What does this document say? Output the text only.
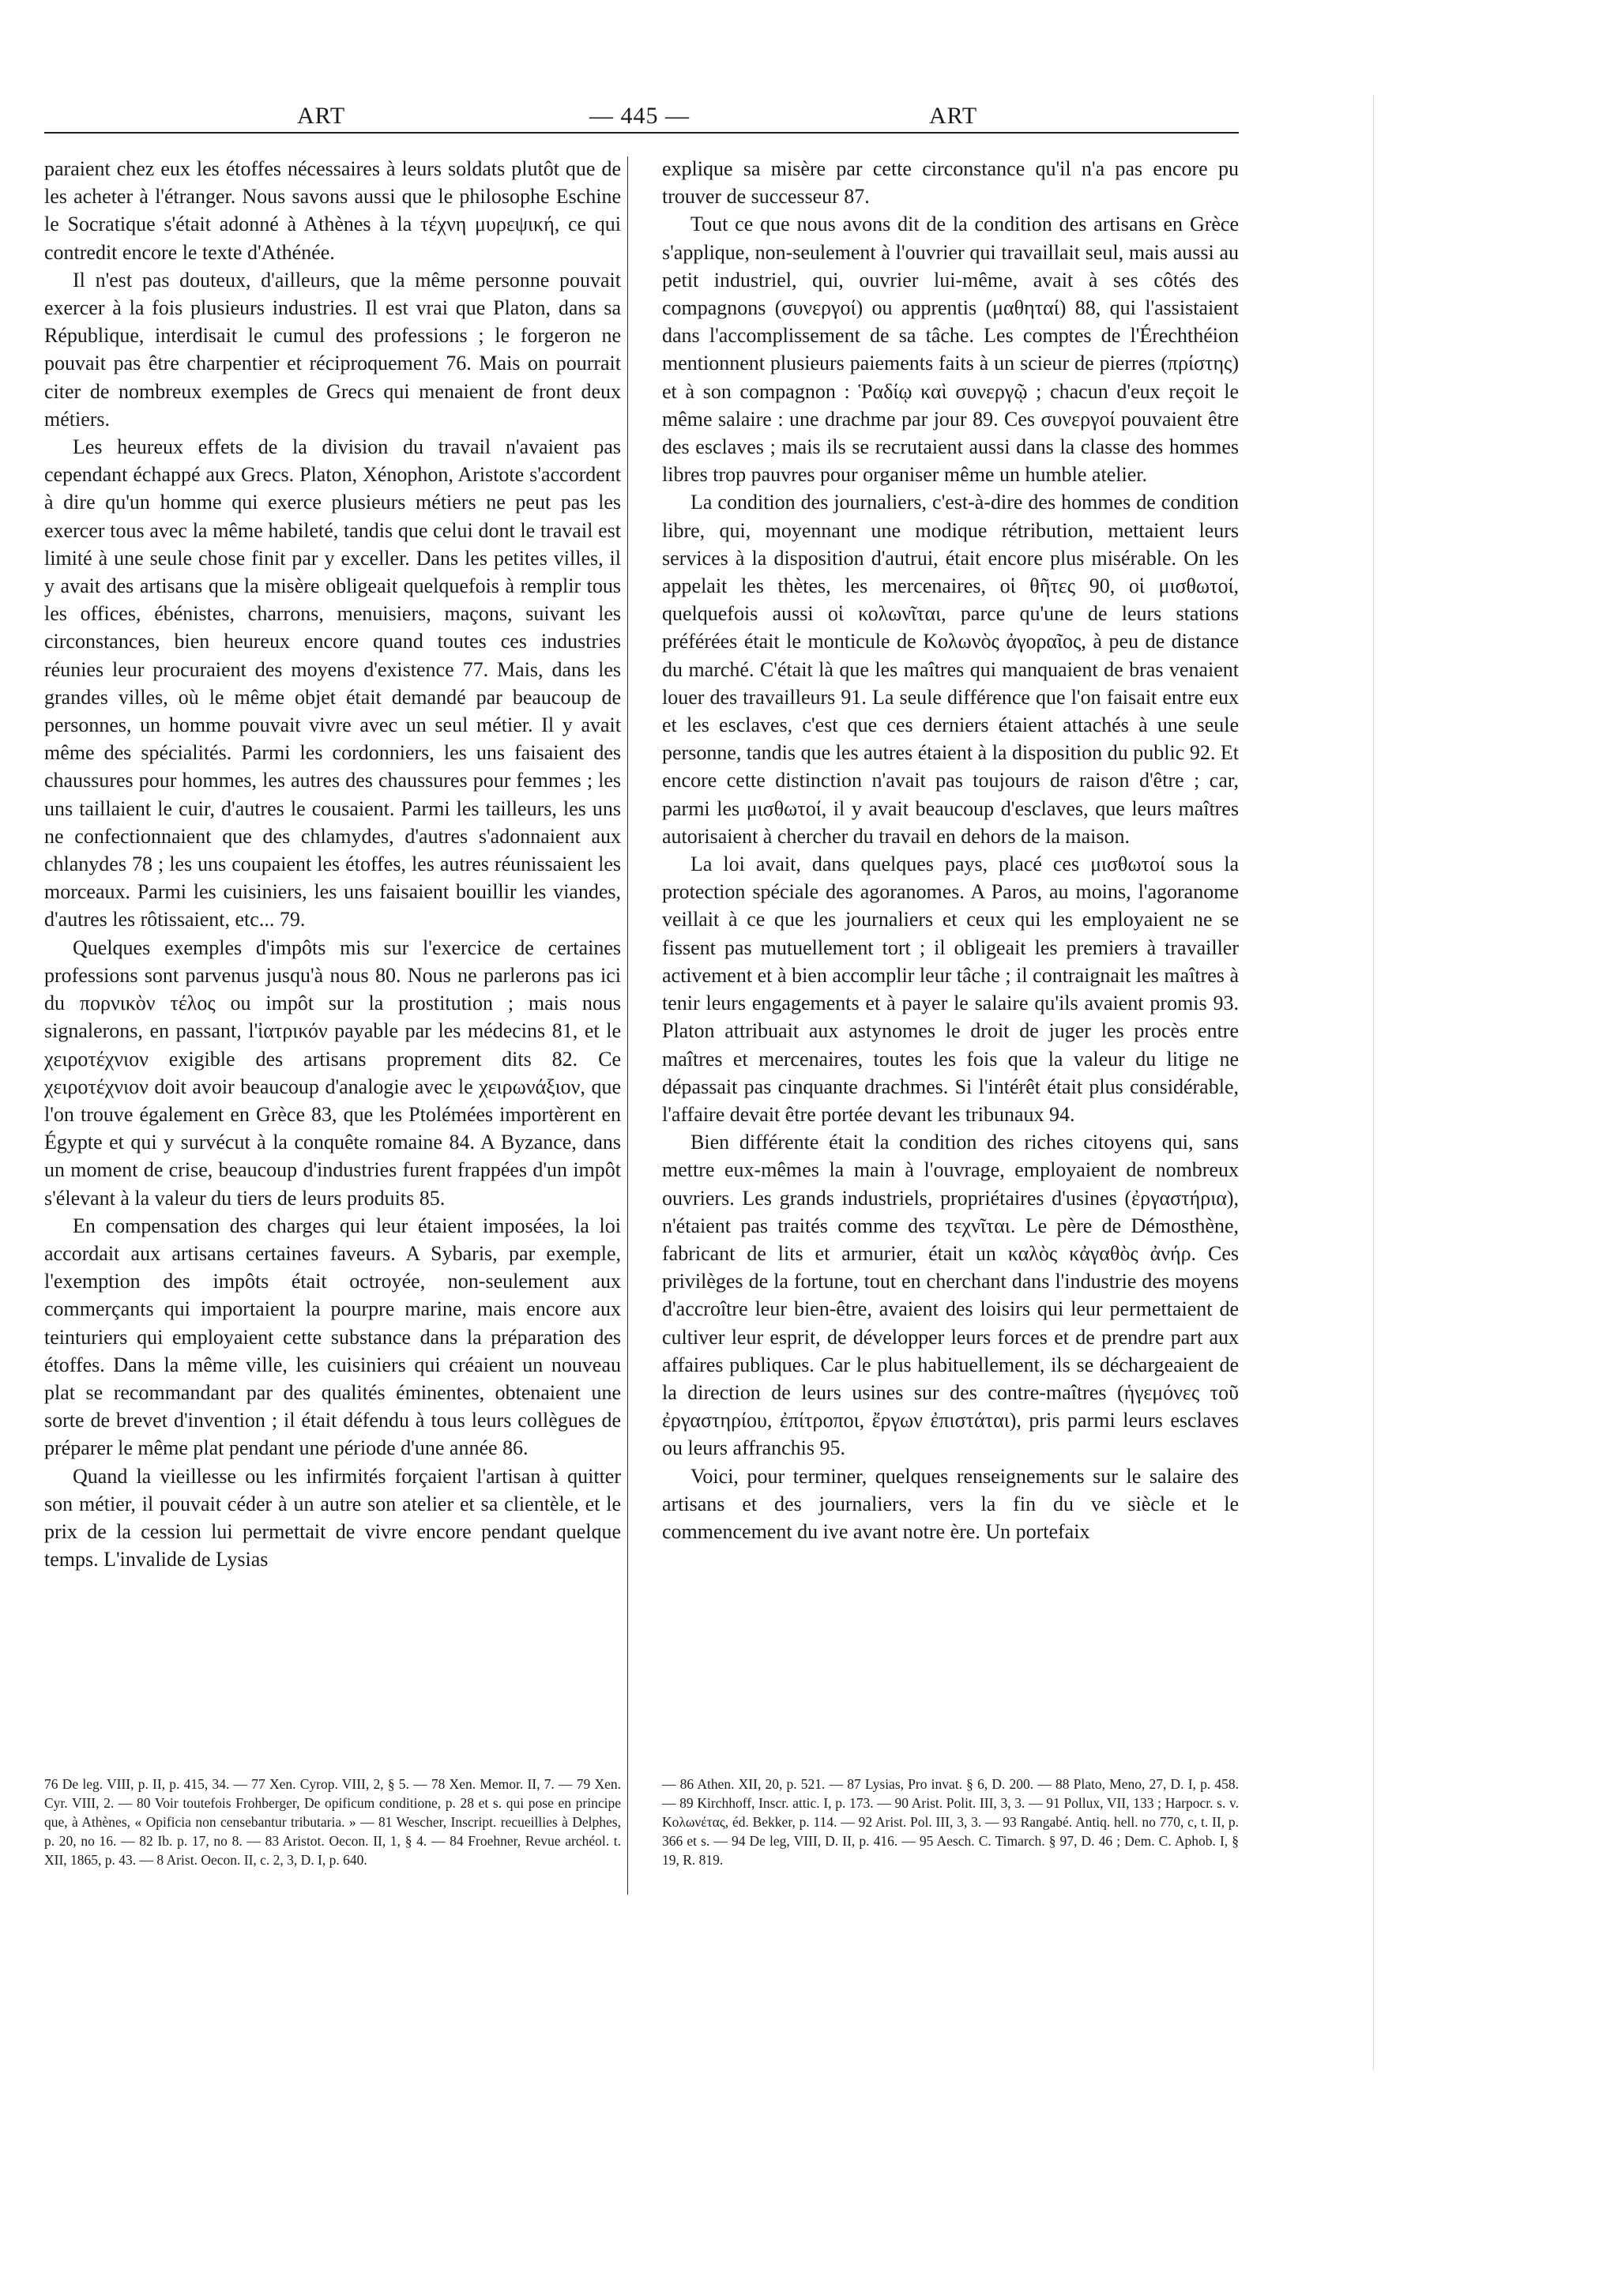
ART	— 445 —	ART

paraient chez eux les étoffes nécessaires à leurs soldats plutôt que de les acheter à l'étranger. Nous savons aussi que le philosophe Eschine le Socratique s'était adonné à Athènes à la τέχνη μυρεψική, ce qui contredit encore le texte d'Athénée.

Il n'est pas douteux, d'ailleurs, que la même personne pouvait exercer à la fois plusieurs industries. Il est vrai que Platon, dans sa République, interdisait le cumul des professions ; le forgeron ne pouvait pas être charpentier et réciproquement 76. Mais on pourrait citer de nombreux exemples de Grecs qui menaient de front deux métiers.

Les heureux effets de la division du travail n'avaient pas cependant échappé aux Grecs. Platon, Xénophon, Aristote s'accordent à dire qu'un homme qui exerce plusieurs métiers ne peut pas les exercer tous avec la même habileté, tandis que celui dont le travail est limité à une seule chose finit par y exceller. Dans les petites villes, il y avait des artisans que la misère obligeait quelquefois à remplir tous les offices, ébénistes, charrons, menuisiers, maçons, suivant les circonstances, bien heureux encore quand toutes ces industries réunies leur procuraient des moyens d'existence 77. Mais, dans les grandes villes, où le même objet était demandé par beaucoup de personnes, un homme pouvait vivre avec un seul métier. Il y avait même des spécialités. Parmi les cordonniers, les uns faisaient des chaussures pour hommes, les autres des chaussures pour femmes ; les uns taillaient le cuir, d'autres le cousaient. Parmi les tailleurs, les uns ne confectionnaient que des chlamydes, d'autres s'adonnaient aux chlanydes 78 ; les uns coupaient les étoffes, les autres réunissaient les morceaux. Parmi les cuisiniers, les uns faisaient bouillir les viandes, d'autres les rôtissaient, etc... 79.

Quelques exemples d'impôts mis sur l'exercice de certaines professions sont parvenus jusqu'à nous 80. Nous ne parlerons pas ici du πορνικὸν τέλος ou impôt sur la prostitution ; mais nous signalerons, en passant, l'ἰατρικόν payable par les médecins 81, et le χειροτέχνιον exigible des artisans proprement dits 82. Ce χειροτέχνιον doit avoir beaucoup d'analogie avec le χειρωνάξιον, que l'on trouve également en Grèce 83, que les Ptolémées importèrent en Égypte et qui y survécut à la conquête romaine 84. A Byzance, dans un moment de crise, beaucoup d'industries furent frappées d'un impôt s'élevant à la valeur du tiers de leurs produits 85.

En compensation des charges qui leur étaient imposées, la loi accordait aux artisans certaines faveurs. A Sybaris, par exemple, l'exemption des impôts était octroyée, non-seulement aux commerçants qui importaient la pourpre marine, mais encore aux teinturiers qui employaient cette substance dans la préparation des étoffes. Dans la même ville, les cuisiniers qui créaient un nouveau plat se recommandant par des qualités éminentes, obtenaient une sorte de brevet d'invention ; il était défendu à tous leurs collègues de préparer le même plat pendant une période d'une année 86.

Quand la vieillesse ou les infirmités forçaient l'artisan à quitter son métier, il pouvait céder à un autre son atelier et sa clientèle, et le prix de la cession lui permettait de vivre encore pendant quelque temps. L'invalide de Lysias

explique sa misère par cette circonstance qu'il n'a pas encore pu trouver de successeur 87.

Tout ce que nous avons dit de la condition des artisans en Grèce s'applique, non-seulement à l'ouvrier qui travaillait seul, mais aussi au petit industriel, qui, ouvrier lui-même, avait à ses côtés des compagnons (συνεργοί) ou apprentis (μαθηταί) 88, qui l'assistaient dans l'accomplissement de sa tâche. Les comptes de l'Érechthéion mentionnent plusieurs paiements faits à un scieur de pierres (πρίστης) et à son compagnon : Ῥαδίῳ καὶ συνεργῷ ; chacun d'eux reçoit le même salaire : une drachme par jour 89. Ces συνεργοί pouvaient être des esclaves ; mais ils se recrutaient aussi dans la classe des hommes libres trop pauvres pour organiser même un humble atelier.

La condition des journaliers, c'est-à-dire des hommes de condition libre, qui, moyennant une modique rétribution, mettaient leurs services à la disposition d'autrui, était encore plus misérable. On les appelait les thètes, les mercenaires, οἱ θῆτες 90, οἱ μισθωτοί, quelquefois aussi οἱ κολωνῖται, parce qu'une de leurs stations préférées était le monticule de Κολωνὸς ἀγοραῖος, à peu de distance du marché. C'était là que les maîtres qui manquaient de bras venaient louer des travailleurs 91. La seule différence que l'on faisait entre eux et les esclaves, c'est que ces derniers étaient attachés à une seule personne, tandis que les autres étaient à la disposition du public 92. Et encore cette distinction n'avait pas toujours de raison d'être ; car, parmi les μισθωτοί, il y avait beaucoup d'esclaves, que leurs maîtres autorisaient à chercher du travail en dehors de la maison.

La loi avait, dans quelques pays, placé ces μισθωτοί sous la protection spéciale des agoranomes. A Paros, au moins, l'agoranome veillait à ce que les journaliers et ceux qui les employaient ne se fissent pas mutuellement tort ; il obligeait les premiers à travailler activement et à bien accomplir leur tâche ; il contraignait les maîtres à tenir leurs engagements et à payer le salaire qu'ils avaient promis 93. Platon attribuait aux astynomes le droit de juger les procès entre maîtres et mercenaires, toutes les fois que la valeur du litige ne dépassait pas cinquante drachmes. Si l'intérêt était plus considérable, l'affaire devait être portée devant les tribunaux 94.

Bien différente était la condition des riches citoyens qui, sans mettre eux-mêmes la main à l'ouvrage, employaient de nombreux ouvriers. Les grands industriels, propriétaires d'usines (ἐργαστήρια), n'étaient pas traités comme des τεχνῖται. Le père de Démosthène, fabricant de lits et armurier, était un καλὸς κἀγαθὸς ἀνήρ. Ces privilèges de la fortune, tout en cherchant dans l'industrie des moyens d'accroître leur bien-être, avaient des loisirs qui leur permettaient de cultiver leur esprit, de développer leurs forces et de prendre part aux affaires publiques. Car le plus habituellement, ils se déchargeaient de la direction de leurs usines sur des contre-maîtres (ἡγεμόνες τοῦ ἐργαστηρίου, ἐπίτροποι, ἔργων ἐπιστάται), pris parmi leurs esclaves ou leurs affranchis 95.

Voici, pour terminer, quelques renseignements sur le salaire des artisans et des journaliers, vers la fin du ve siècle et le commencement du ive avant notre ère. Un portefaix

76 De leg. VIII, p. II, p. 415, 34. — 77 Xen. Cyrop. VIII, 2, § 5. — 78 Xen. Memor. II, 7. — 79 Xen. Cyr. VIII, 2. — 80 Voir toutefois Frohberger, De opificum conditione, p. 28 et s. qui pose en principe que, à Athènes, « Opificia non censebantur tributaria. » — 81 Wescher, Inscript. recueillies à Delphes, p. 20, no 16. — 82 Ib. p. 17, no 8. — 83 Aristot. Oecon. II, 1, § 4. — 84 Froehner, Revue archéol. t. XII, 1865, p. 43. — 8 Arist. Oecon. II, c. 2, 3, D. I, p. 640.
— 86 Athen. XII, 20, p. 521. — 87 Lysias, Pro invat. § 6, D. 200. — 88 Plato, Meno, 27, D. I, p. 458. — 89 Kirchhoff, Inscr. attic. I, p. 173. — 90 Arist. Polit. III, 3, 3. — 91 Pollux, VII, 133 ; Harpocr. s. v. Κολωνέτας, éd. Bekker, p. 114. — 92 Arist. Pol. III, 3, 3. — 93 Rangabé. Antiq. hell. no 770, c, t. II, p. 366 et s. — 94 De leg, VIII, D. II, p. 416. — 95 Aesch. C. Timarch. § 97, D. 46 ; Dem. C. Aphob. I, § 19, R. 819.
